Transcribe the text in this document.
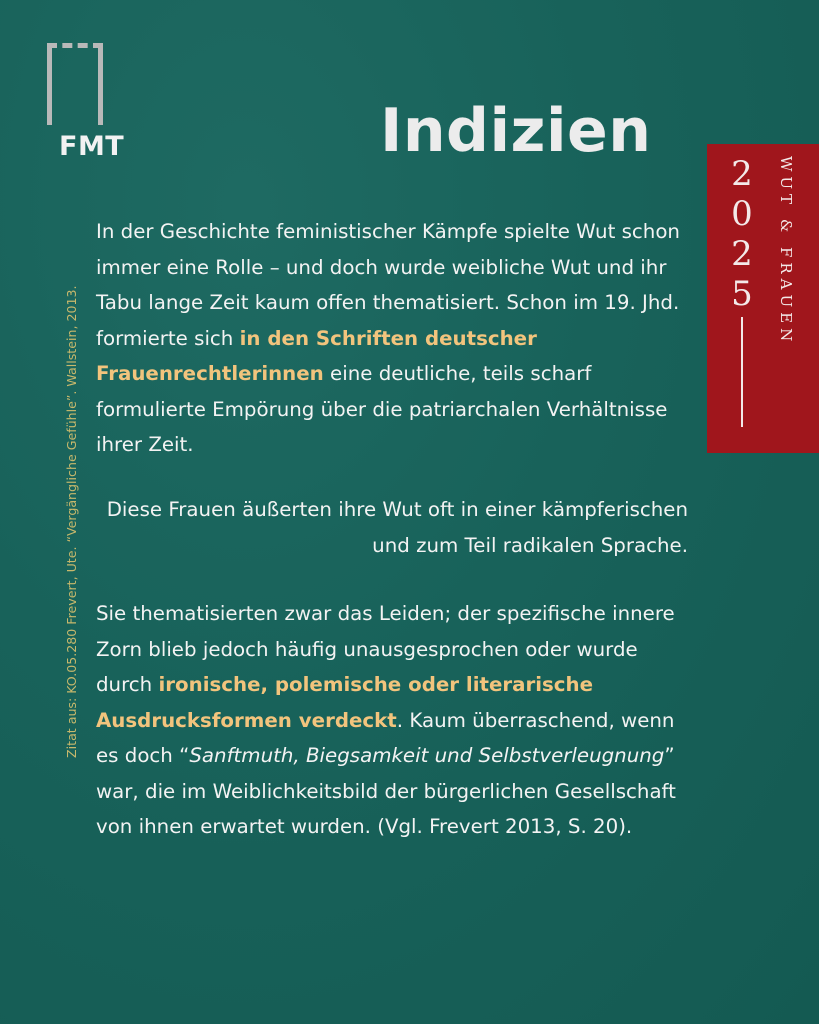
FMT	Indizien
Zitat aus: KO.05.280 Frevert, Ute. “Vergängliche Gefühle”. Wallstein, 2013.
2
0
2
5 WUT & FRAUEN

In der Geschichte feministischer Kämpfe spielte Wut schon immer eine Rolle – und doch wurde weibliche Wut und ihr Tabu lange Zeit kaum offen thematisiert. Schon im 19. Jhd. formierte sich in den Schriften deutscher Frauenrechtlerinnen eine deutliche, teils scharf formulierte Empörung über die patriarchalen Verhältnisse ihrer Zeit.

Diese Frauen äußerten ihre Wut oft in einer kämpferischen und zum Teil radikalen Sprache.

Sie thematisierten zwar das Leiden; der spezifische innere Zorn blieb jedoch häufig unausgesprochen oder wurde durch ironische, polemische oder literarische Ausdrucksformen verdeckt. Kaum überraschend, wenn es doch “Sanftmuth, Biegsamkeit und Selbstverleugnung” war, die im Weiblichkeitsbild der bürgerlichen Gesellschaft von ihnen erwartet wurden. (Vgl. Frevert 2013, S. 20).
